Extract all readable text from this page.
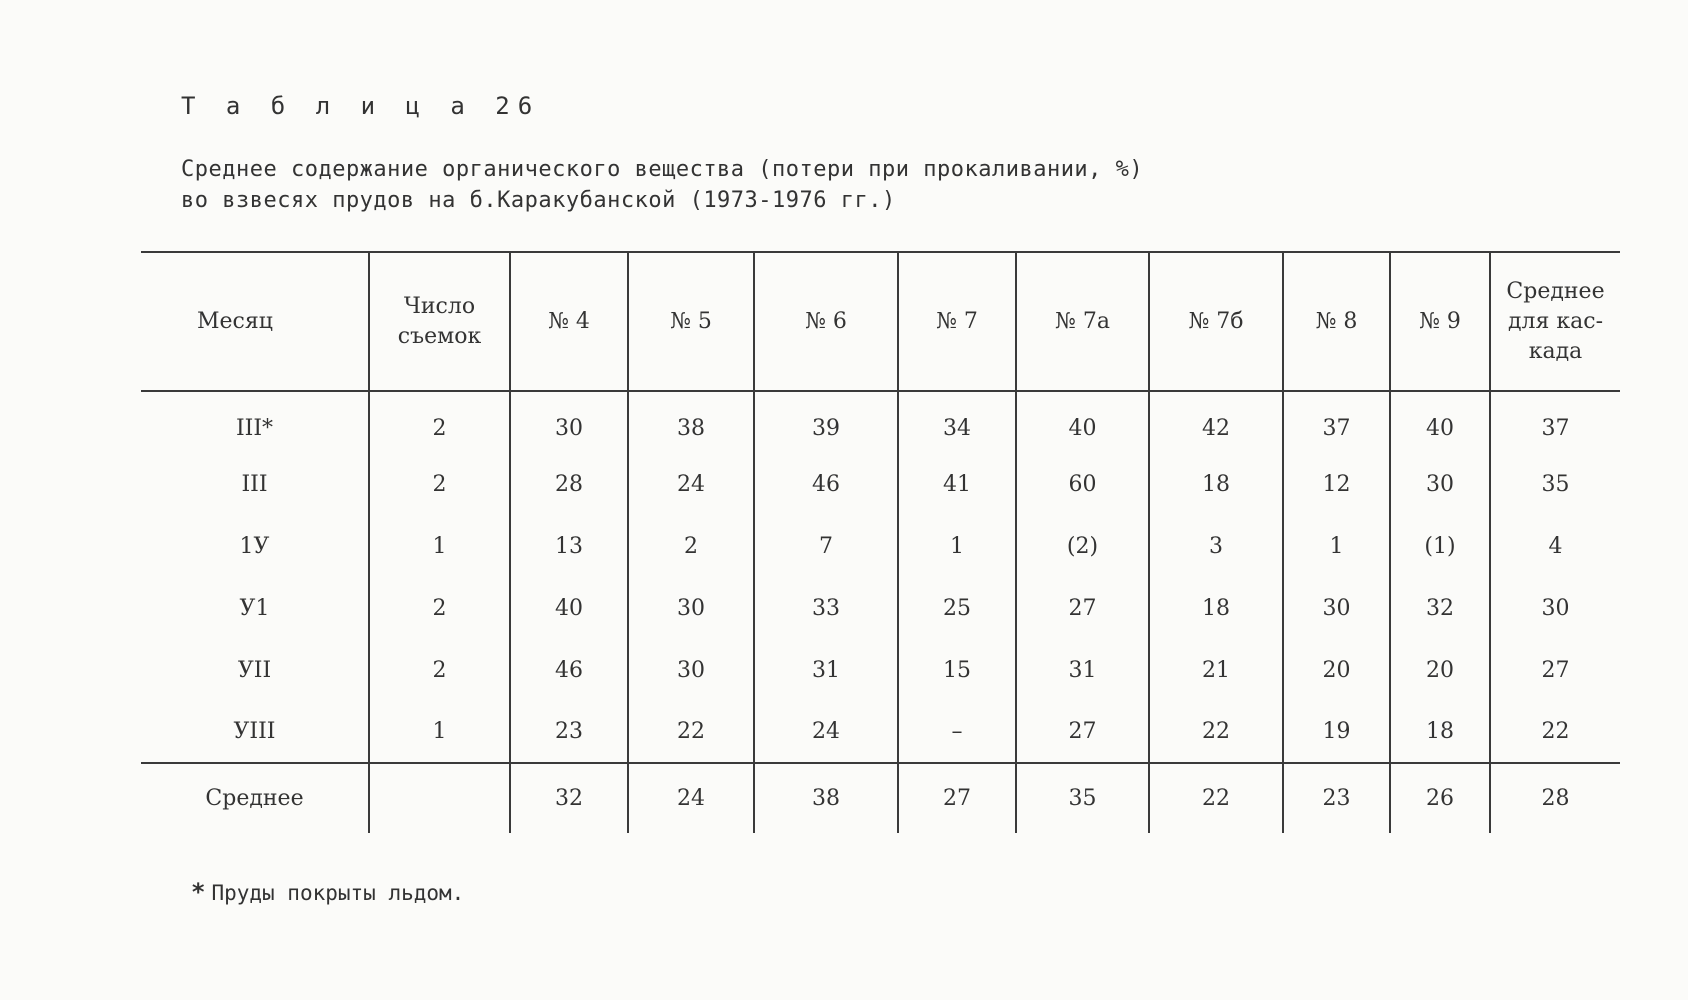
Т а б л и ц а 26
Среднее содержание органического вещества (потери при прокаливании, %)
во взвесях прудов на б.Каракубанской (1973-1976 гг.)
Месяц	Число съемок	№ 4	№ 5	№ 6	№ 7	№ 7а	№ 7б	№ 8	№ 9	Среднее для кас- када
III*	2	30	38	39	34	40	42	37	40	37
III	2	28	24	46	41	60	18	12	30	35
1У	1	13	2	7	1	(2)	3	1	(1)	4
У1	2	40	30	33	25	27	18	30	32	30
УII	2	46	30	31	15	31	21	20	20	27
УIII	1	23	22	24	–	27	22	19	18	22
Среднее		32	24	38	27	35	22	23	26	28
* Пруды покрыты льдом.
